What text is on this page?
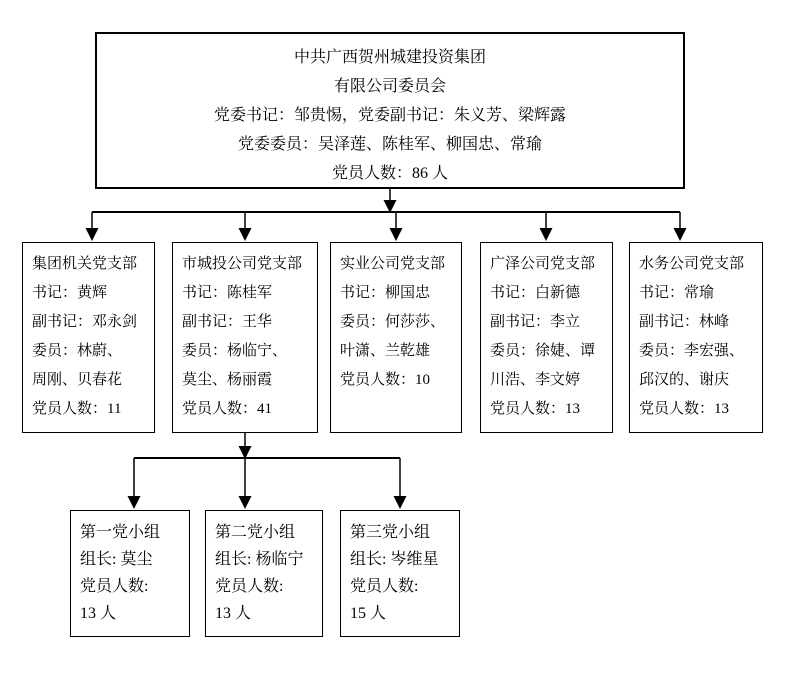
中共广西贺州城建投资集团
有限公司委员会
党委书记：邹贵惕，党委副书记：朱义芳、梁辉露
党委委员：吴泽莲、陈桂军、柳国忠、常瑜
党员人数：86 人
集团机关党支部
书记：黄辉
副书记：邓永剑
委员：林蔚、
周刚、贝春花
党员人数：11
市城投公司党支部
书记：陈桂军
副书记：王华
委员：杨临宁、
莫尘、杨丽霞
党员人数：41
实业公司党支部
书记：柳国忠
委员：何莎莎、
叶潇、兰乾雄
党员人数：10
广泽公司党支部
书记：白新德
副书记：李立
委员：徐婕、谭
川浩、李文婷
党员人数：13
水务公司党支部
书记：常瑜
副书记：林峰
委员：李宏强、
邱汉的、谢庆
党员人数：13
第一党小组
组长: 莫尘
党员人数:
13 人
第二党小组
组长: 杨临宁
党员人数:
13 人
第三党小组
组长: 岑维星
党员人数:
15 人
